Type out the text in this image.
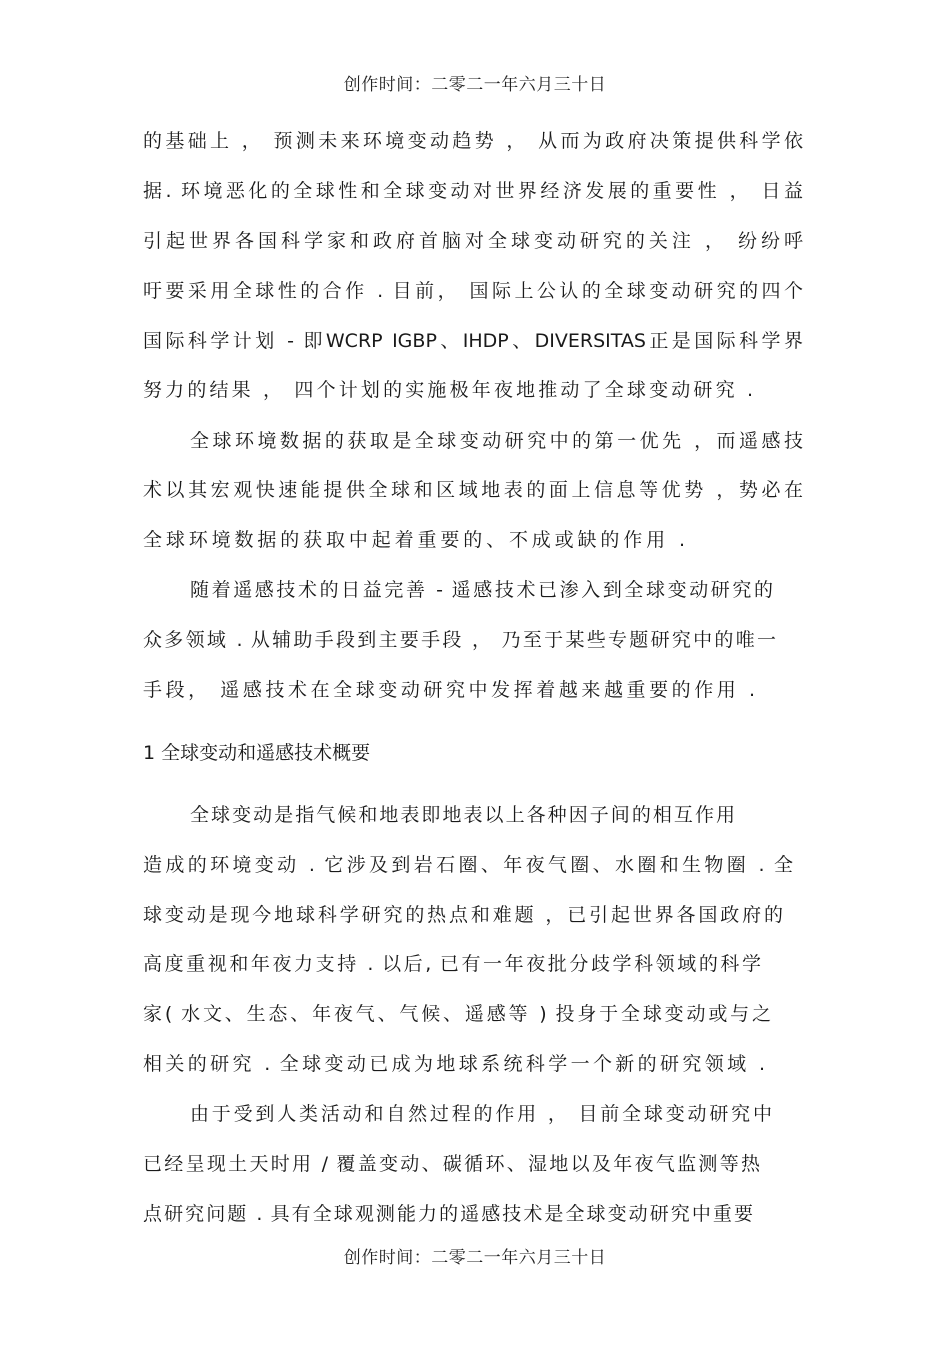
创作时间：二零二一年六月三十日
的基础上 ， 预测未来环境变动趋势 ， 从而为政府决策提供科学依
据. 环境恶化的全球性和全球变动对世界经济发展的重要性 ， 日益
引起世界各国科学家和政府首脑对全球变动研究的关注 ， 纷纷呼
吁要采用全球性的合作 . 目前， 国际上公认的全球变动研究的四个
国际科学计划 - 即WCRP IGBP、IHDP、DIVERSITAS正是国际科学界
努力的结果 ， 四个计划的实施极年夜地推动了全球变动研究 .
全球环境数据的获取是全球变动研究中的第一优先 ，而遥感技
术以其宏观快速能提供全球和区域地表的面上信息等优势 ，势必在
全球环境数据的获取中起着重要的、不成或缺的作用 .
随着遥感技术的日益完善 - 遥感技术已渗入到全球变动研究的
众多领域 . 从辅助手段到主要手段 ， 乃至于某些专题研究中的唯一
手段， 遥感技术在全球变动研究中发挥着越来越重要的作用 .
1 全球变动和遥感技术概要
全球变动是指气候和地表即地表以上各种因子间的相互作用
造成的环境变动 . 它涉及到岩石圈、年夜气圈、水圈和生物圈 . 全
球变动是现今地球科学研究的热点和难题 ，已引起世界各国政府的
高度重视和年夜力支持 . 以后, 已有一年夜批分歧学科领域的科学
家( 水文、生态、年夜气、气候、遥感等 ) 投身于全球变动或与之
相关的研究 . 全球变动已成为地球系统科学一个新的研究领域 .
由于受到人类活动和自然过程的作用 ， 目前全球变动研究中
已经呈现土天时用 / 覆盖变动、碳循环、湿地以及年夜气监测等热
点研究问题 . 具有全球观测能力的遥感技术是全球变动研究中重要
创作时间：二零二一年六月三十日
